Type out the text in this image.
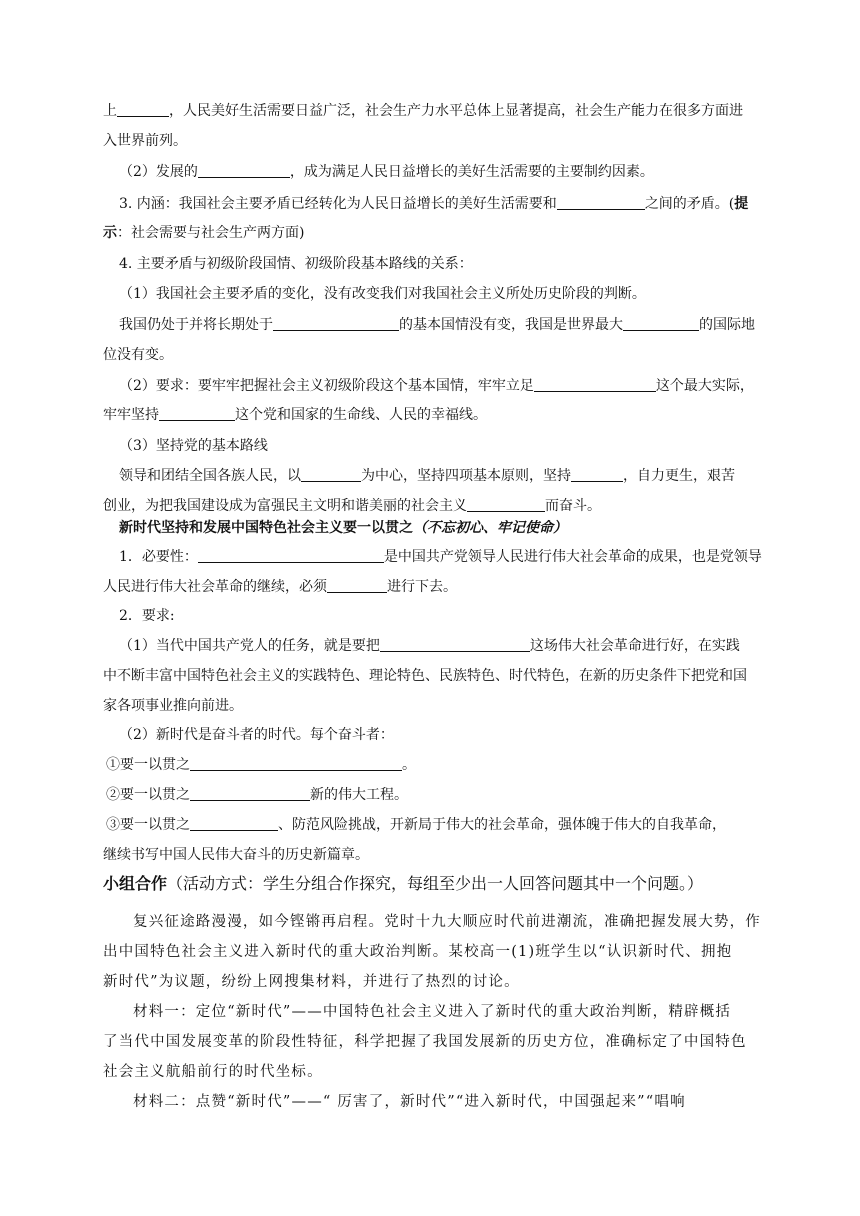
上	，人民美好生活需要日益广泛，社会生产力水平总体上显著提高，社会生产能力在很多方面进
入世界前列。
（2）发展的	，成为满足人民日益增长的美好生活需要的主要制约因素。
3. 内涵：我国社会主要矛盾已经转化为人民日益增长的美好生活需要和	之间的矛盾。(提
示：社会需要与社会生产两方面)
4. 主要矛盾与初级阶段国情、初级阶段基本路线的关系：
（1）我国社会主要矛盾的变化，没有改变我们对我国社会主义所处历史阶段的判断。
我国仍处于并将长期处于	的基本国情没有变，我国是世界最大	的国际地
位没有变。
（2）要求：要牢牢把握社会主义初级阶段这个基本国情，牢牢立足	这个最大实际，
牢牢坚持	这个党和国家的生命线、人民的幸福线。
（3）坚持党的基本路线
领导和团结全国各族人民，以	为中心，坚持四项基本原则，坚持	，自力更生，艰苦
创业，为把我国建设成为富强民主文明和谐美丽的社会主义	而奋斗。
新时代坚持和发展中国特色社会主义要一以贯之（不忘初心、牢记使命）
1．必要性：	是中国共产党领导人民进行伟大社会革命的成果，也是党领导
人民进行伟大社会革命的继续，必须	进行下去。
2．要求:
（1）当代中国共产党人的任务，就是要把	这场伟大社会革命进行好，在实践
中不断丰富中国特色社会主义的实践特色、理论特色、民族特色、时代特色，在新的历史条件下把党和国
家各项事业推向前进。
（2）新时代是奋斗者的时代。每个奋斗者：
①要一以贯之	。
②要一以贯之	新的伟大工程。
③要一以贯之	、防范风险挑战，开新局于伟大的社会革命，强体魄于伟大的自我革命，
继续书写中国人民伟大奋斗的历史新篇章。
小组合作（活动方式：学生分组合作探究，每组至少出一人回答问题其中一个问题。）
复兴征途路漫漫，如今铿锵再启程。党时十九大顺应时代前进潮流，准确把握发展大势，作
出中国特色社会主义进入新时代的重大政治判断。某校高一(1)班学生以“认识新时代、拥抱
新时代”为议题，纷纷上网搜集材料，并进行了热烈的讨论。
材料一：定位“新时代”——中国特色社会主义进入了新时代的重大政治判断，精辟概括
了当代中国发展变革的阶段性特征，科学把握了我国发展新的历史方位，准确标定了中国特色
社会主义航船前行的时代坐标。
材料二：点赞“新时代”——“ 厉害了，新时代”“进入新时代，中国强起来”“唱响
